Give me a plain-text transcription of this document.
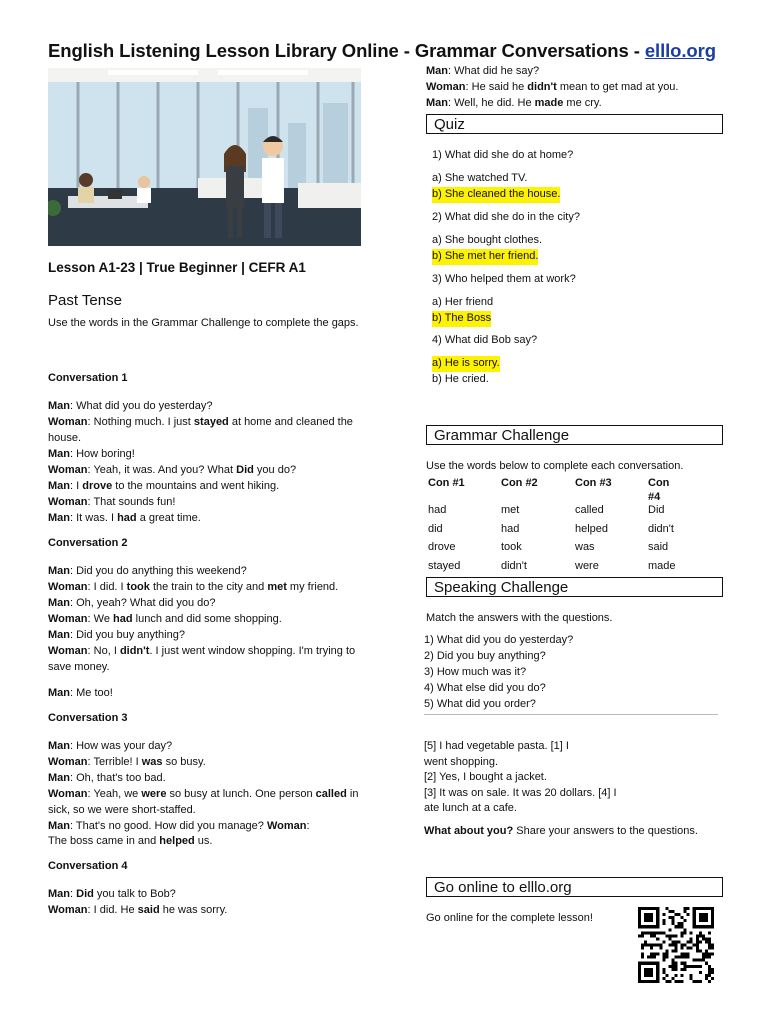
English Listening Lesson Library Online - Grammar Conversations - elllo.org
Lesson A1-23 | True Beginner | CEFR A1
Past Tense
Use the words in the Grammar Challenge to complete the gaps.
Conversation 1
Man: What did you do yesterday?
Woman: Nothing much. I just stayed at home and cleaned the
house.
Man: How boring!
Woman: Yeah, it was. And you? What Did you do?
Man: I drove to the mountains and went hiking.
Woman: That sounds fun!
Man: It was. I had a great time.
Conversation 2
Man: Did you do anything this weekend?
Woman: I did. I took the train to the city and met my friend.
Man: Oh, yeah? What did you do?
Woman: We had lunch and did some shopping.
Man: Did you buy anything?
Woman: No, I didn't. I just went window shopping. I'm trying to
save money.
Man: Me too!
Conversation 3
Man: How was your day?
Woman: Terrible! I was so busy.
Man: Oh, that's too bad.
Woman: Yeah, we were so busy at lunch. One person called in
sick, so we were short-staffed.
Man: That's no good. How did you manage? Woman:
The boss came in and helped us.
Conversation 4
Man: Did you talk to Bob?
Woman: I did. He said he was sorry.
Man: What did he say?
Woman: He said he didn't mean to get mad at you.
Man: Well, he did. He made me cry.
Quiz
1) What did she do at home?
a) She watched TV.
b) She cleaned the house.
2) What did she do in the city?
a) She bought clothes.
b) She met her friend.
3) Who helped them at work?
a) Her friend
b) The Boss
4) What did Bob say?
a) He is sorry.
b) He cried.
Grammar Challenge
Use the words below to complete each conversation.
Con #1
had
did
drove
stayed
Con #2
met
had
took
didn't
Con #3
called
helped
was
were
Con
#4
Did
didn't
said
made
Speaking Challenge
Match the answers with the questions.
1) What did you do yesterday?
2) Did you buy anything?
3) How much was it?
4) What else did you do?
5) What did you order?
[5] I had vegetable pasta. [1] I
went shopping.
[2] Yes, I bought a jacket.
[3] It was on sale. It was 20 dollars. [4] I
ate lunch at a cafe.
What about you? Share your answers to the questions.
Go online to elllo.org
Go online for the complete lesson!
